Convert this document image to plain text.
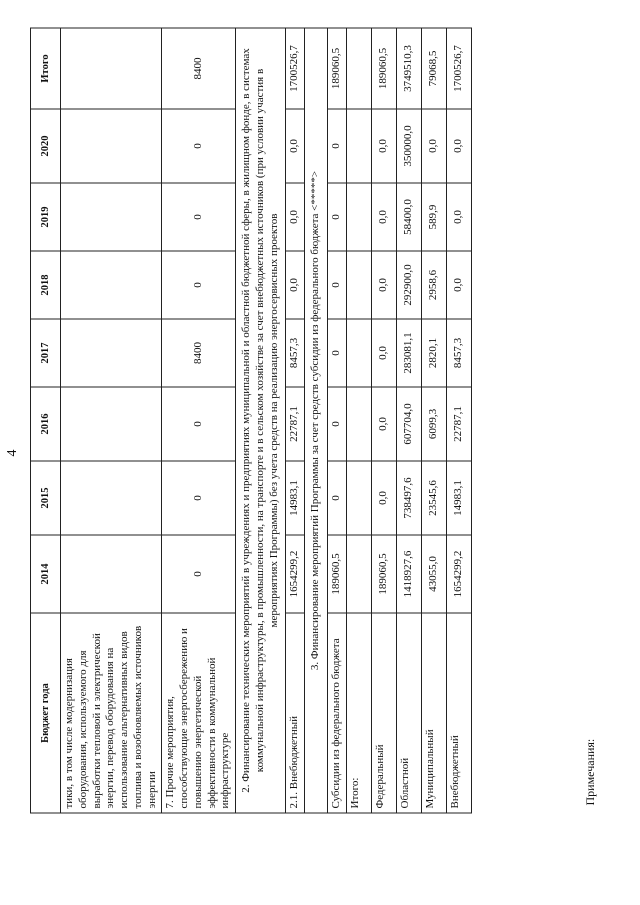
4
Бюджет года	2014	2015	2016	2017	2018	2019	2020	Итого
тики, в том числе модернизация оборудования, используемого для выработки тепловой и электрической энергии, перевод оборудования на использование альтернативных видов топлива и возобновляемых источников энергии								
7. Прочие мероприятия, способствующие энергосбережению и повышению энергетической эффективности в коммунальной инфраструктуре	0	0	0	8400	0	0	0	8400
2. Финансирование технических мероприятий в учреждениях и предприятиях муниципальной и областной бюджетной сферы, в жилищном фонде, в системах коммунальной инфраструктуры, в промышленности, на транспорте и в сельском хозяйстве за счет внебюджетных источников (при условии участия в мероприятиях Программы) без учета средств на реализацию энергосервисных проектов								
2.1. Внебюджетный	1654299,2	14983,1	22787,1	8457,3	0,0	0,0	0,0	1700526,7
3. Финансирование мероприятий Программы за счет средств субсидии из федерального бюджета <*****>								
Субсидии из федерального бюджета	189060,5	0	0	0	0	0	0	189060,5
Итого:								
Федеральный	189060,5	0,0	0,0	0,0	0,0	0,0	0,0	189060,5
Областной	1418927,6	738497,6	607704,0	283081,1	292900,0	58400,0	350000,0	3749510,3
Муниципальный	43055,0	23545,6	6099,3	2820,1	2958,6	589,9	0,0	79068,5
Внебюджетный	1654299,2	14983,1	22787,1	8457,3	0,0	0,0	0,0	1700526,7
Примечания:
